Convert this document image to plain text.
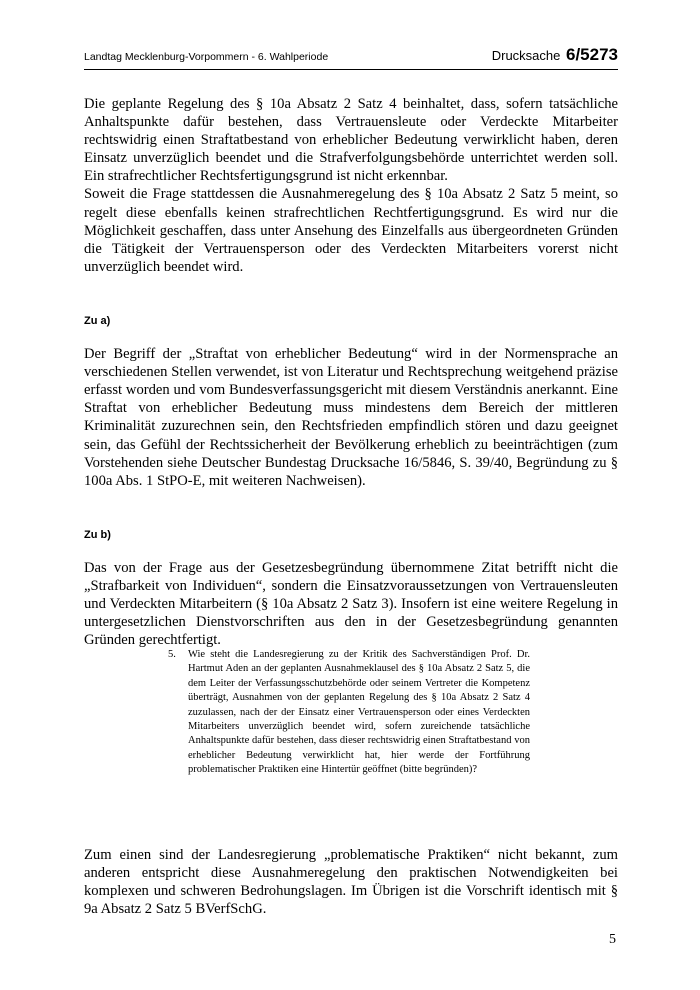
Landtag Mecklenburg-Vorpommern - 6. Wahlperiode	Drucksache 6/5273

Die geplante Regelung des § 10a Absatz 2 Satz 4 beinhaltet, dass, sofern tatsächliche Anhaltspunkte dafür bestehen, dass Vertrauensleute oder Verdeckte Mitarbeiter rechtswidrig einen Straftatbestand von erheblicher Bedeutung verwirklicht haben, deren Einsatz unverzüglich beendet und die Strafverfolgungsbehörde unterrichtet werden soll. Ein strafrechtlicher Rechtsfertigungsgrund ist nicht erkennbar.

Soweit die Frage stattdessen die Ausnahmeregelung des § 10a Absatz 2 Satz 5 meint, so regelt diese ebenfalls keinen strafrechtlichen Rechtfertigungsgrund. Es wird nur die Möglichkeit geschaffen, dass unter Ansehung des Einzelfalls aus übergeordneten Gründen die Tätigkeit der Vertrauensperson oder des Verdeckten Mitarbeiters vorerst nicht unverzüglich beendet wird.

Zu a)

Der Begriff der „Straftat von erheblicher Bedeutung“ wird in der Normensprache an verschiedenen Stellen verwendet, ist von Literatur und Rechtsprechung weitgehend präzise erfasst worden und vom Bundesverfassungsgericht mit diesem Verständnis anerkannt. Eine Straftat von erheblicher Bedeutung muss mindestens dem Bereich der mittleren Kriminalität zuzurechnen sein, den Rechtsfrieden empfindlich stören und dazu geeignet sein, das Gefühl der Rechtssicherheit der Bevölkerung erheblich zu beeinträchtigen (zum Vorstehenden siehe Deutscher Bundestag Drucksache 16/5846, S. 39/40, Begründung zu § 100a Abs. 1 StPO-E, mit weiteren Nachweisen).

Zu b)

Das von der Frage aus der Gesetzesbegründung übernommene Zitat betrifft nicht die „Strafbarkeit von Individuen“, sondern die Einsatzvoraussetzungen von Vertrauensleuten und Verdeckten Mitarbeitern (§ 10a Absatz 2 Satz 3). Insofern ist eine weitere Regelung in untergesetzlichen Dienstvorschriften aus den in der Gesetzesbegründung genannten Gründen gerechtfertigt.

5. Wie steht die Landesregierung zu der Kritik des Sachverständigen Prof. Dr. Hartmut Aden an der geplanten Ausnahmeklausel des § 10a Absatz 2 Satz 5, die dem Leiter der Verfassungsschutzbehörde oder seinem Vertreter die Kompetenz überträgt, Ausnahmen von der geplanten Regelung des § 10a Absatz 2 Satz 4 zuzulassen, nach der der Einsatz einer Vertrauensperson oder eines Verdeckten Mitarbeiters unverzüglich beendet wird, sofern zureichende tatsächliche Anhaltspunkte dafür bestehen, dass dieser rechtswidrig einen Straftatbestand von erheblicher Bedeutung verwirklicht hat, hier werde der Fortführung problematischer Praktiken eine Hintertür geöffnet (bitte begründen)?
Zum einen sind der Landesregierung „problematische Praktiken“ nicht bekannt, zum anderen entspricht diese Ausnahmeregelung den praktischen Notwendigkeiten bei komplexen und schweren Bedrohungslagen. Im Übrigen ist die Vorschrift identisch mit § 9a Absatz 2 Satz 5 BVerfSchG.
5
